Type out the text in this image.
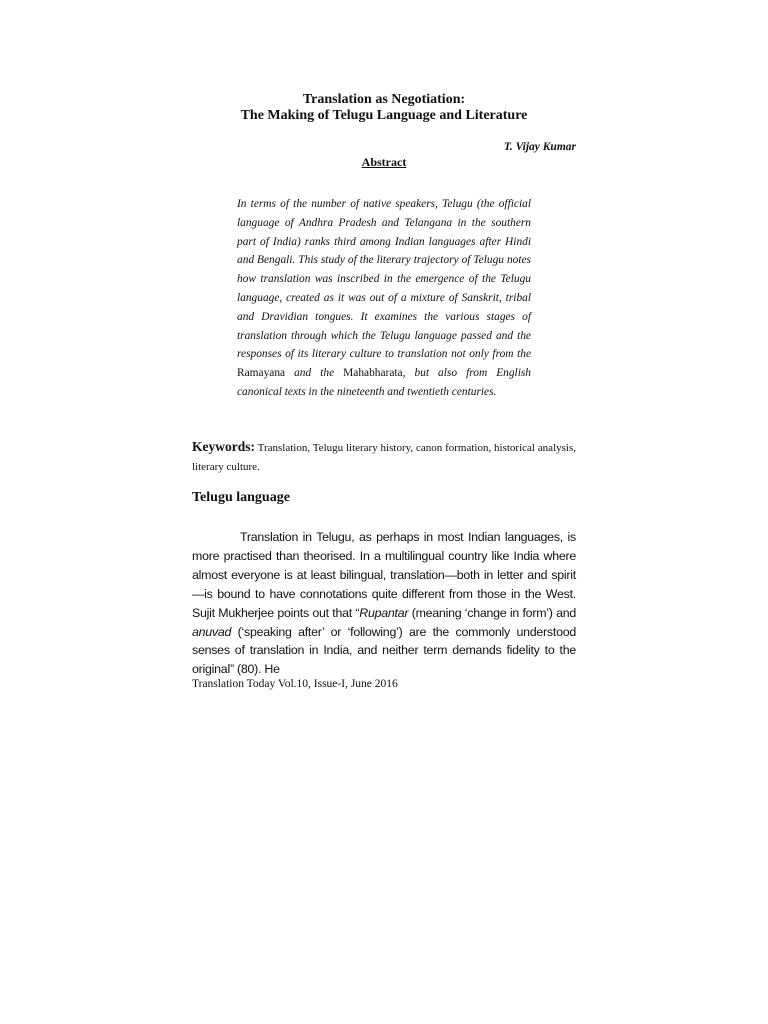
Translation as Negotiation:
The Making of Telugu Language and Literature
T. Vijay Kumar
Abstract

In terms of the number of native speakers, Telugu (the official language of Andhra Pradesh and Telangana in the southern part of India) ranks third among Indian languages after Hindi and Bengali. This study of the literary trajectory of Telugu notes how translation was inscribed in the emergence of the Telugu language, created as it was out of a mixture of Sanskrit, tribal and Dravidian tongues. It examines the various stages of translation through which the Telugu language passed and the responses of its literary culture to translation not only from the Ramayana and the Mahabharata, but also from English canonical texts in the nineteenth and twentieth centuries.

Keywords: Translation, Telugu literary history, canon formation, historical analysis, literary culture.

Telugu language

Translation in Telugu, as perhaps in most Indian languages, is more practised than theorised. In a multilingual country like India where almost everyone is at least bilingual, translation—both in letter and spirit—is bound to have connotations quite different from those in the West. Sujit Mukherjee points out that “Rupantar (meaning ‘change in form’) and anuvad (‘speaking after’ or ‘following’) are the commonly understood senses of translation in India, and neither term demands fidelity to the original” (80). He

Translation Today Vol.10, Issue-I, June 2016
